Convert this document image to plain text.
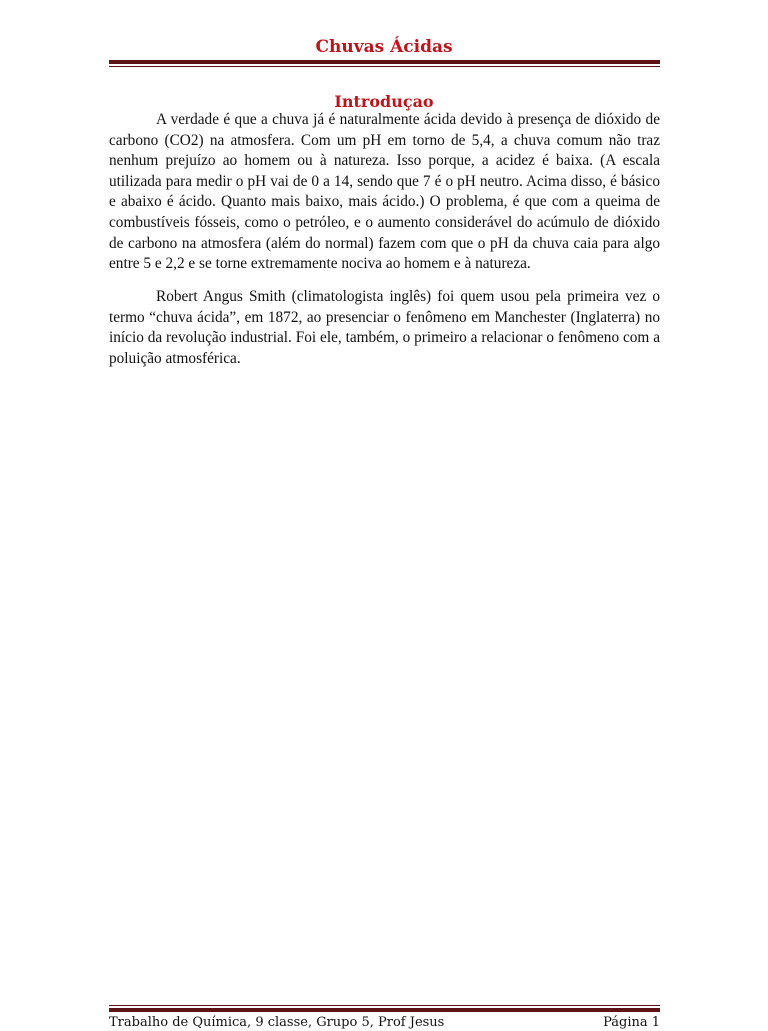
Chuvas Ácidas
Introduçao

A verdade é que a chuva já é naturalmente ácida devido à presença de dióxido de carbono (CO2) na atmosfera. Com um pH em torno de 5,4, a chuva comum não traz nenhum prejuízo ao homem ou à natureza. Isso porque, a acidez é baixa. (A escala utilizada para medir o pH vai de 0 a 14, sendo que 7 é o pH neutro. Acima disso, é básico e abaixo é ácido. Quanto mais baixo, mais ácido.) O problema, é que com a queima de combustíveis fósseis, como o petróleo, e o aumento considerável do acúmulo de dióxido de carbono na atmosfera (além do normal) fazem com que o pH da chuva caia para algo entre 5 e 2,2 e se torne extremamente nociva ao homem e à natureza.

Robert Angus Smith (climatologista inglês) foi quem usou pela primeira vez o termo “chuva ácida”, em 1872, ao presenciar o fenômeno em Manchester (Inglaterra) no início da revolução industrial. Foi ele, também, o primeiro a relacionar o fenômeno com a poluição atmosférica.

Trabalho de Química, 9 classe, Grupo 5, Prof Jesus	Página 1
